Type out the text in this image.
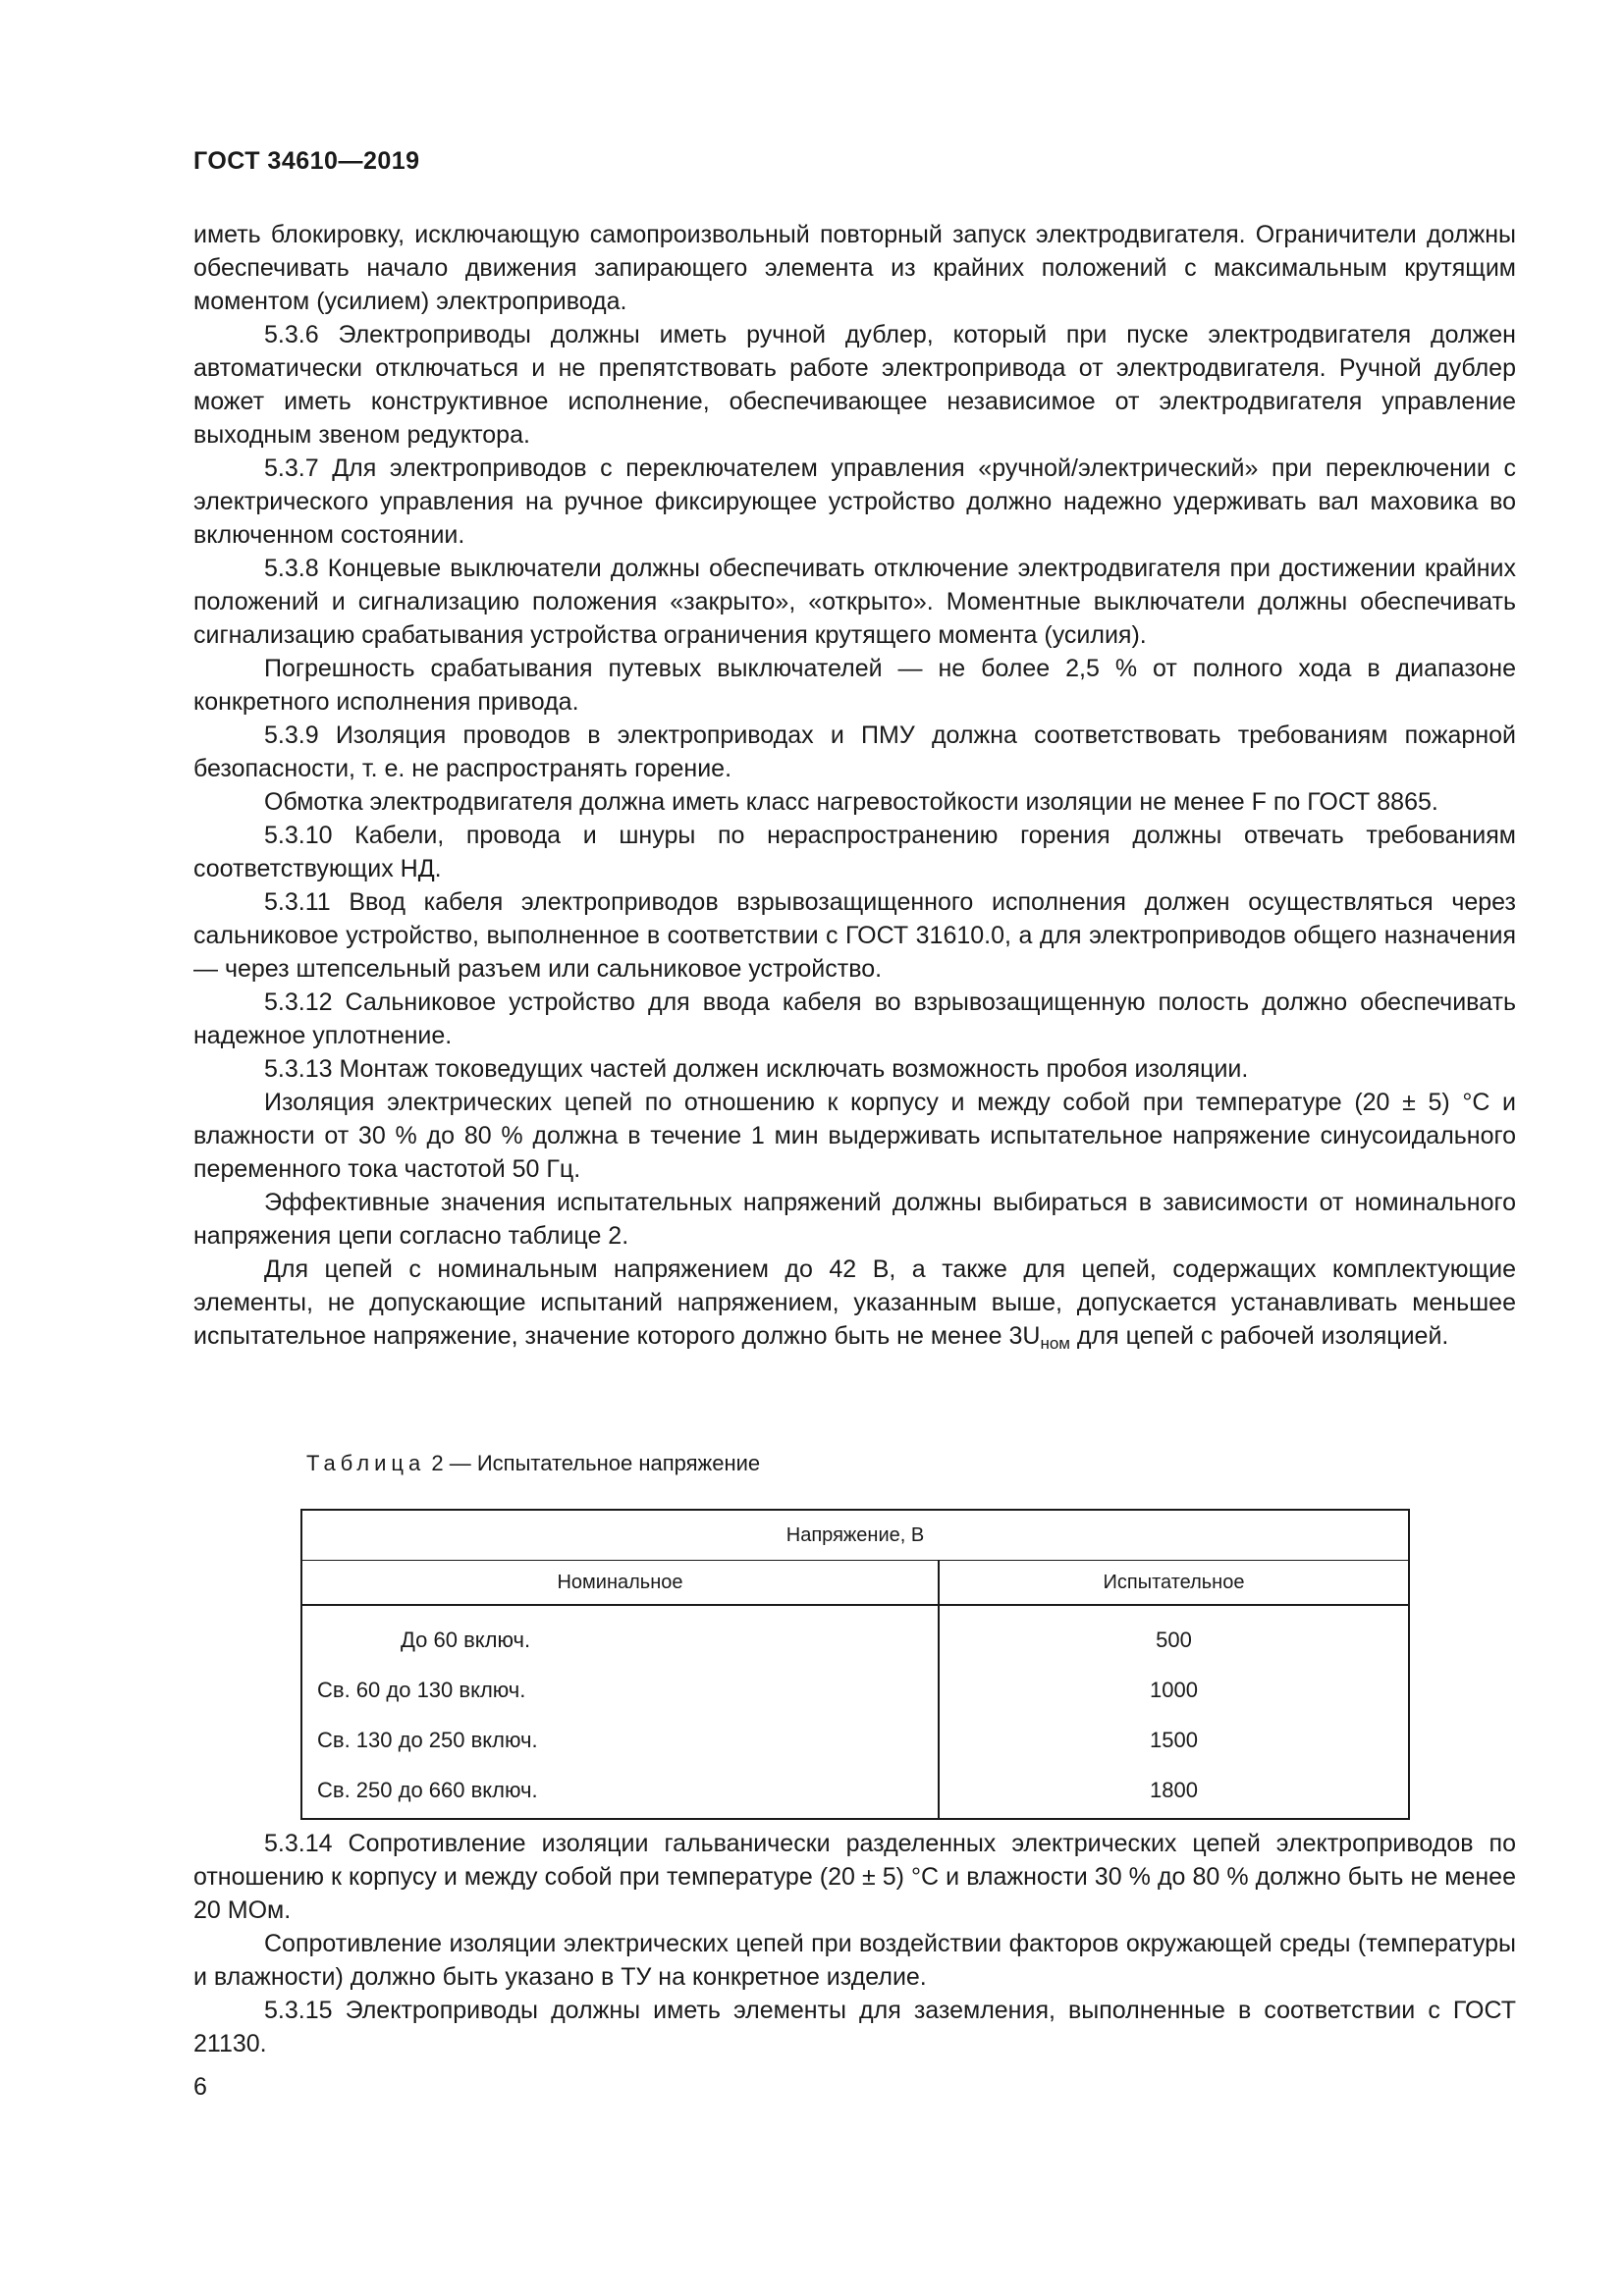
ГОСТ 34610—2019

иметь блокировку, исключающую самопроизвольный повторный запуск электродвигателя. Ограничители должны обеспечивать начало движения запирающего элемента из крайних положений с максимальным крутящим моментом (усилием) электропривода.

5.3.6 Электроприводы должны иметь ручной дублер, который при пуске электродвигателя должен автоматически отключаться и не препятствовать работе электропривода от электродвигателя. Ручной дублер может иметь конструктивное исполнение, обеспечивающее независимое от электродвигателя управление выходным звеном редуктора.

5.3.7 Для электроприводов с переключателем управления «ручной/электрический» при переключении с электрического управления на ручное фиксирующее устройство должно надежно удерживать вал маховика во включенном состоянии.

5.3.8 Концевые выключатели должны обеспечивать отключение электродвигателя при достижении крайних положений и сигнализацию положения «закрыто», «открыто». Моментные выключатели должны обеспечивать сигнализацию срабатывания устройства ограничения крутящего момента (усилия).

Погрешность срабатывания путевых выключателей — не более 2,5 % от полного хода в диапазоне конкретного исполнения привода.

5.3.9 Изоляция проводов в электроприводах и ПМУ должна соответствовать требованиям пожарной безопасности, т. е. не распространять горение.

Обмотка электродвигателя должна иметь класс нагревостойкости изоляции не менее F по ГОСТ 8865.

5.3.10 Кабели, провода и шнуры по нераспространению горения должны отвечать требованиям соответствующих НД.

5.3.11 Ввод кабеля электроприводов взрывозащищенного исполнения должен осуществляться через сальниковое устройство, выполненное в соответствии с ГОСТ 31610.0, а для электроприводов общего назначения — через штепсельный разъем или сальниковое устройство.

5.3.12 Сальниковое устройство для ввода кабеля во взрывозащищенную полость должно обеспечивать надежное уплотнение.

5.3.13 Монтаж токоведущих частей должен исключать возможность пробоя изоляции.

Изоляция электрических цепей по отношению к корпусу и между собой при температуре (20 ± 5) °С и влажности от 30 % до 80 % должна в течение 1 мин выдерживать испытательное напряжение синусоидального переменного тока частотой 50 Гц.

Эффективные значения испытательных напряжений должны выбираться в зависимости от номинального напряжения цепи согласно таблице 2.

Для цепей с номинальным напряжением до 42 В, а также для цепей, содержащих комплектующие элементы, не допускающие испытаний напряжением, указанным выше, допускается устанавливать меньшее испытательное напряжение, значение которого должно быть не менее $3U_{ном}$ для цепей с рабочей изоляцией.

Таблица 2 — Испытательное напряжение
Напряжение, В	
Номинальное	Испытательное
До 60 включ.	500
Св. 60 до 130 включ.	1000
Св. 130 до 250 включ.	1500
Св. 250 до 660 включ.	1800

5.3.14 Сопротивление изоляции гальванически разделенных электрических цепей электроприводов по отношению к корпусу и между собой при температуре (20 ± 5) °С и влажности 30 % до 80 % должно быть не менее 20 МОм.

Сопротивление изоляции электрических цепей при воздействии факторов окружающей среды (температуры и влажности) должно быть указано в ТУ на конкретное изделие.

5.3.15 Электроприводы должны иметь элементы для заземления, выполненные в соответствии с ГОСТ 21130.

6
